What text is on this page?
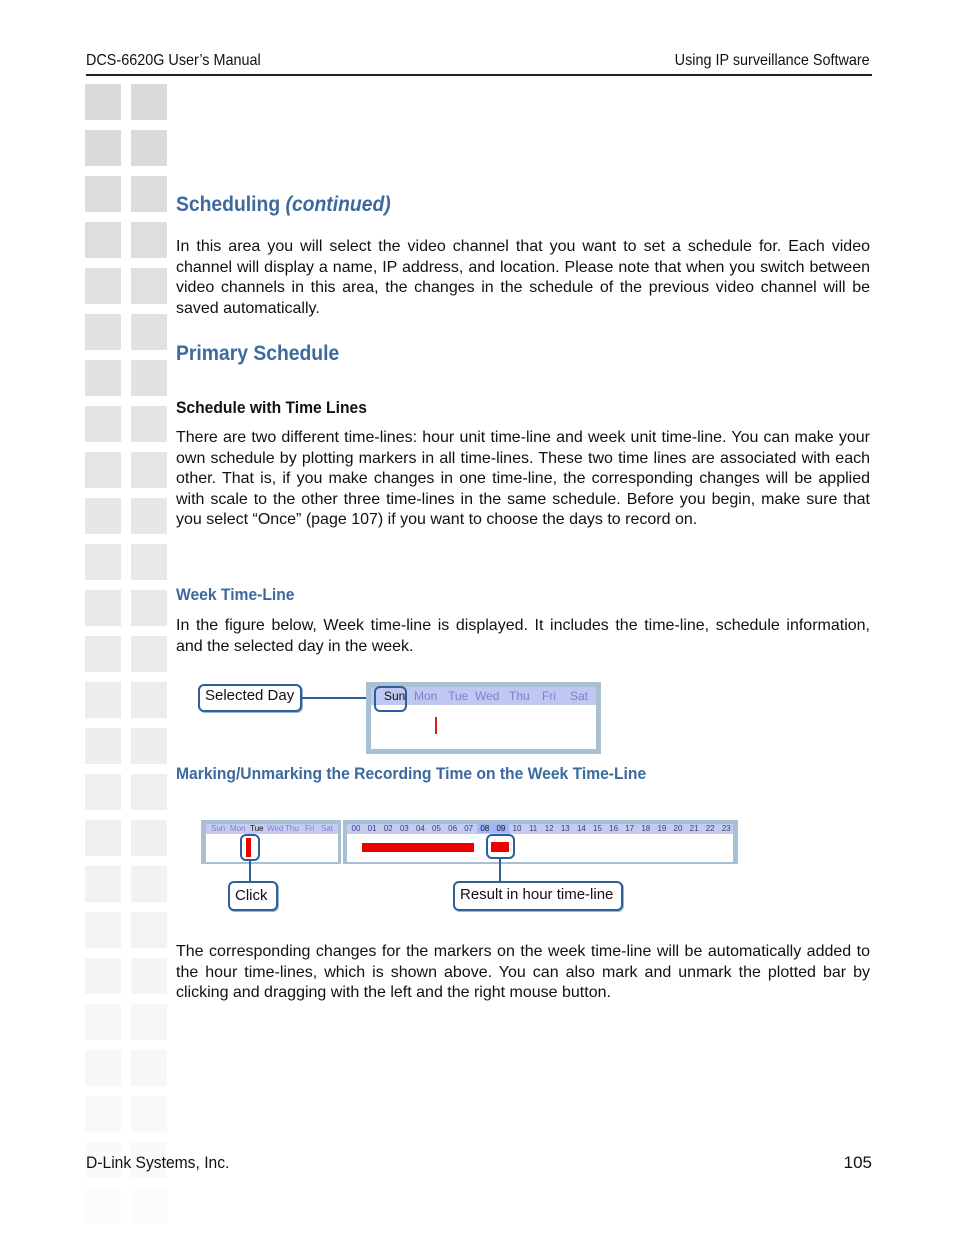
DCS-6620G User’s Manual	Using IP surveillance Software
Scheduling (continued)

In this area you will select the video channel that you want to set a schedule for. Each video channel will display a name, IP address, and location. Please note that when you switch between video channels in this area, the changes in the schedule of the previous video channel will be saved automatically.

Primary Schedule
Schedule with Time Lines

There are two different time-lines: hour unit time-line and week unit time-line. You can make your own schedule by plotting markers in all time-lines. These two time lines are associated with each other. That is, if you make changes in one time-line, the corresponding changes will be applied with scale to the other three time-lines in the same schedule. Before you begin, make sure that you select “Once” (page 107) if you want to choose the days to record on.

Week Time-Line

In the figure below, Week time-line is displayed. It includes the time-line, schedule information, and the selected day in the week.

Selected Day	Sun Mon Tue Wed Thu Fri Sat
Marking/Unmarking the Recording Time on the Week Time-Line
Sun Mon Tue Wed Thu Fri Sat	00 01 02 03 04 05 06 07 08 09 10 11 12 13 14 15 16 17 18 19 20 21 22 23
Click	Result in hour time-line

The corresponding changes for the markers on the week time-line will be automatically added to the hour time-lines, which is shown above. You can also mark and unmark the plotted bar by clicking and dragging with the left and the right mouse button.

D-Link Systems, Inc.	105
